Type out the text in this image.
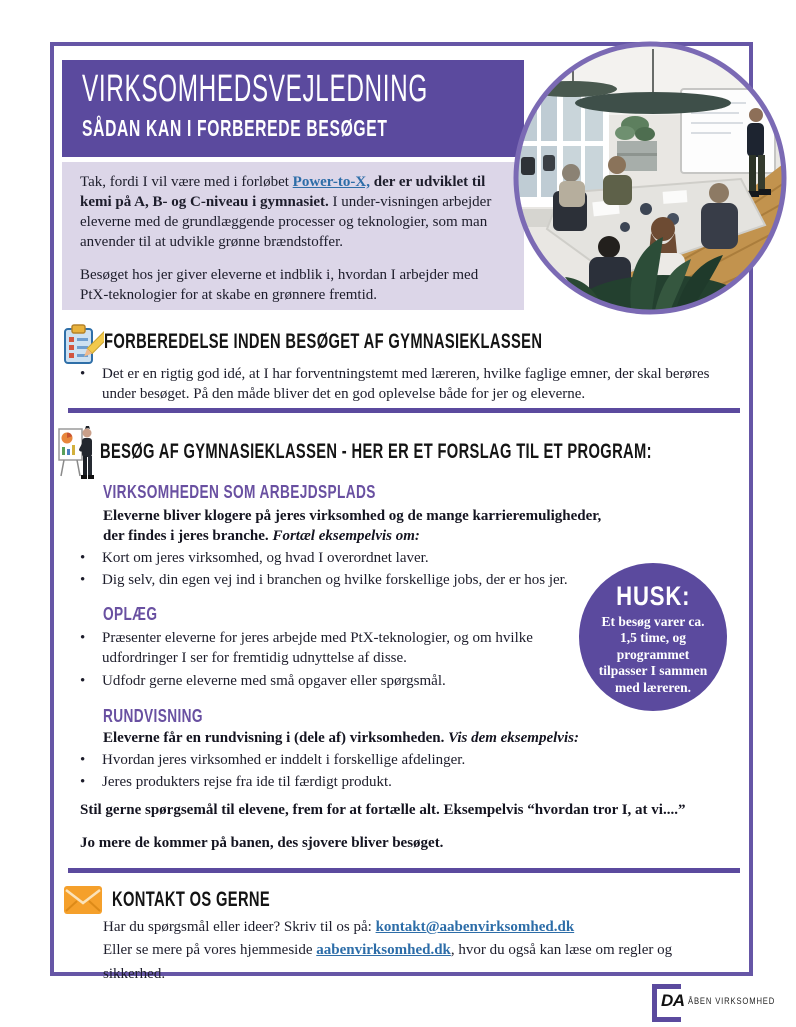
VIRKSOMHEDSVEJLEDNING
SÅDAN KAN I FORBEREDE BESØGET

Tak, fordi I vil være med i forløbet Power-to-X, der er udviklet til kemi på A, B- og C-niveau i gymnasiet. I under-visningen arbejder eleverne med de grundlæggende processer og teknologier, som man anvender til at udvikle grønne brændstoffer.

Besøget hos jer giver eleverne et indblik i, hvordan I arbejder med PtX-teknologier for at skabe en grønnere fremtid.

FORBEREDELSE INDEN BESØGET AF GYMNASIEKLASSEN
• Det er en rigtig god idé, at I har forventningstemt med læreren, hvilke faglige emner, der skal berøres under besøget. På den måde bliver det en god oplevelse både for jer og eleverne.
BESØG AF GYMNASIEKLASSEN - HER ER ET FORSLAG TIL ET PROGRAM:
VIRKSOMHEDEN SOM ARBEJDSPLADS
Eleverne bliver klogere på jeres virksomhed og de mange karrieremuligheder, der findes i jeres branche. Fortæl eksempelvis om:
• Kort om jeres virksomhed, og hvad I overordnet laver.
• Dig selv, din egen vej ind i branchen og hvilke forskellige jobs, der er hos jer.
OPLÆG
• Præsenter eleverne for jeres arbejde med PtX-teknologier, og om hvilke udfordringer I ser for fremtidig udnyttelse af disse.
• Udfodr gerne eleverne med små opgaver eller spørgsmål.
HUSK:
Et besøg varer ca. 1,5 time, og programmet tilpasser I sammen med læreren.
RUNDVISNING
Eleverne får en rundvisning i (dele af) virksomheden. Vis dem eksempelvis:
• Hvordan jeres virksomhed er inddelt i forskellige afdelinger.
• Jeres produkters rejse fra ide til færdigt produkt.
Stil gerne spørgsemål til elevene, frem for at fortælle alt. Eksempelvis “hvordan tror I, at vi....”
Jo mere de kommer på banen, des sjovere bliver besøget.
KONTAKT OS GERNE
Har du spørgsmål eller ideer? Skriv til os på: kontakt@aabenvirksomhed.dk
Eller se mere på vores hjemmeside aabenvirksomhed.dk, hvor du også kan læse om regler og sikkerhed.
DA ÅBEN VIRKSOMHED
